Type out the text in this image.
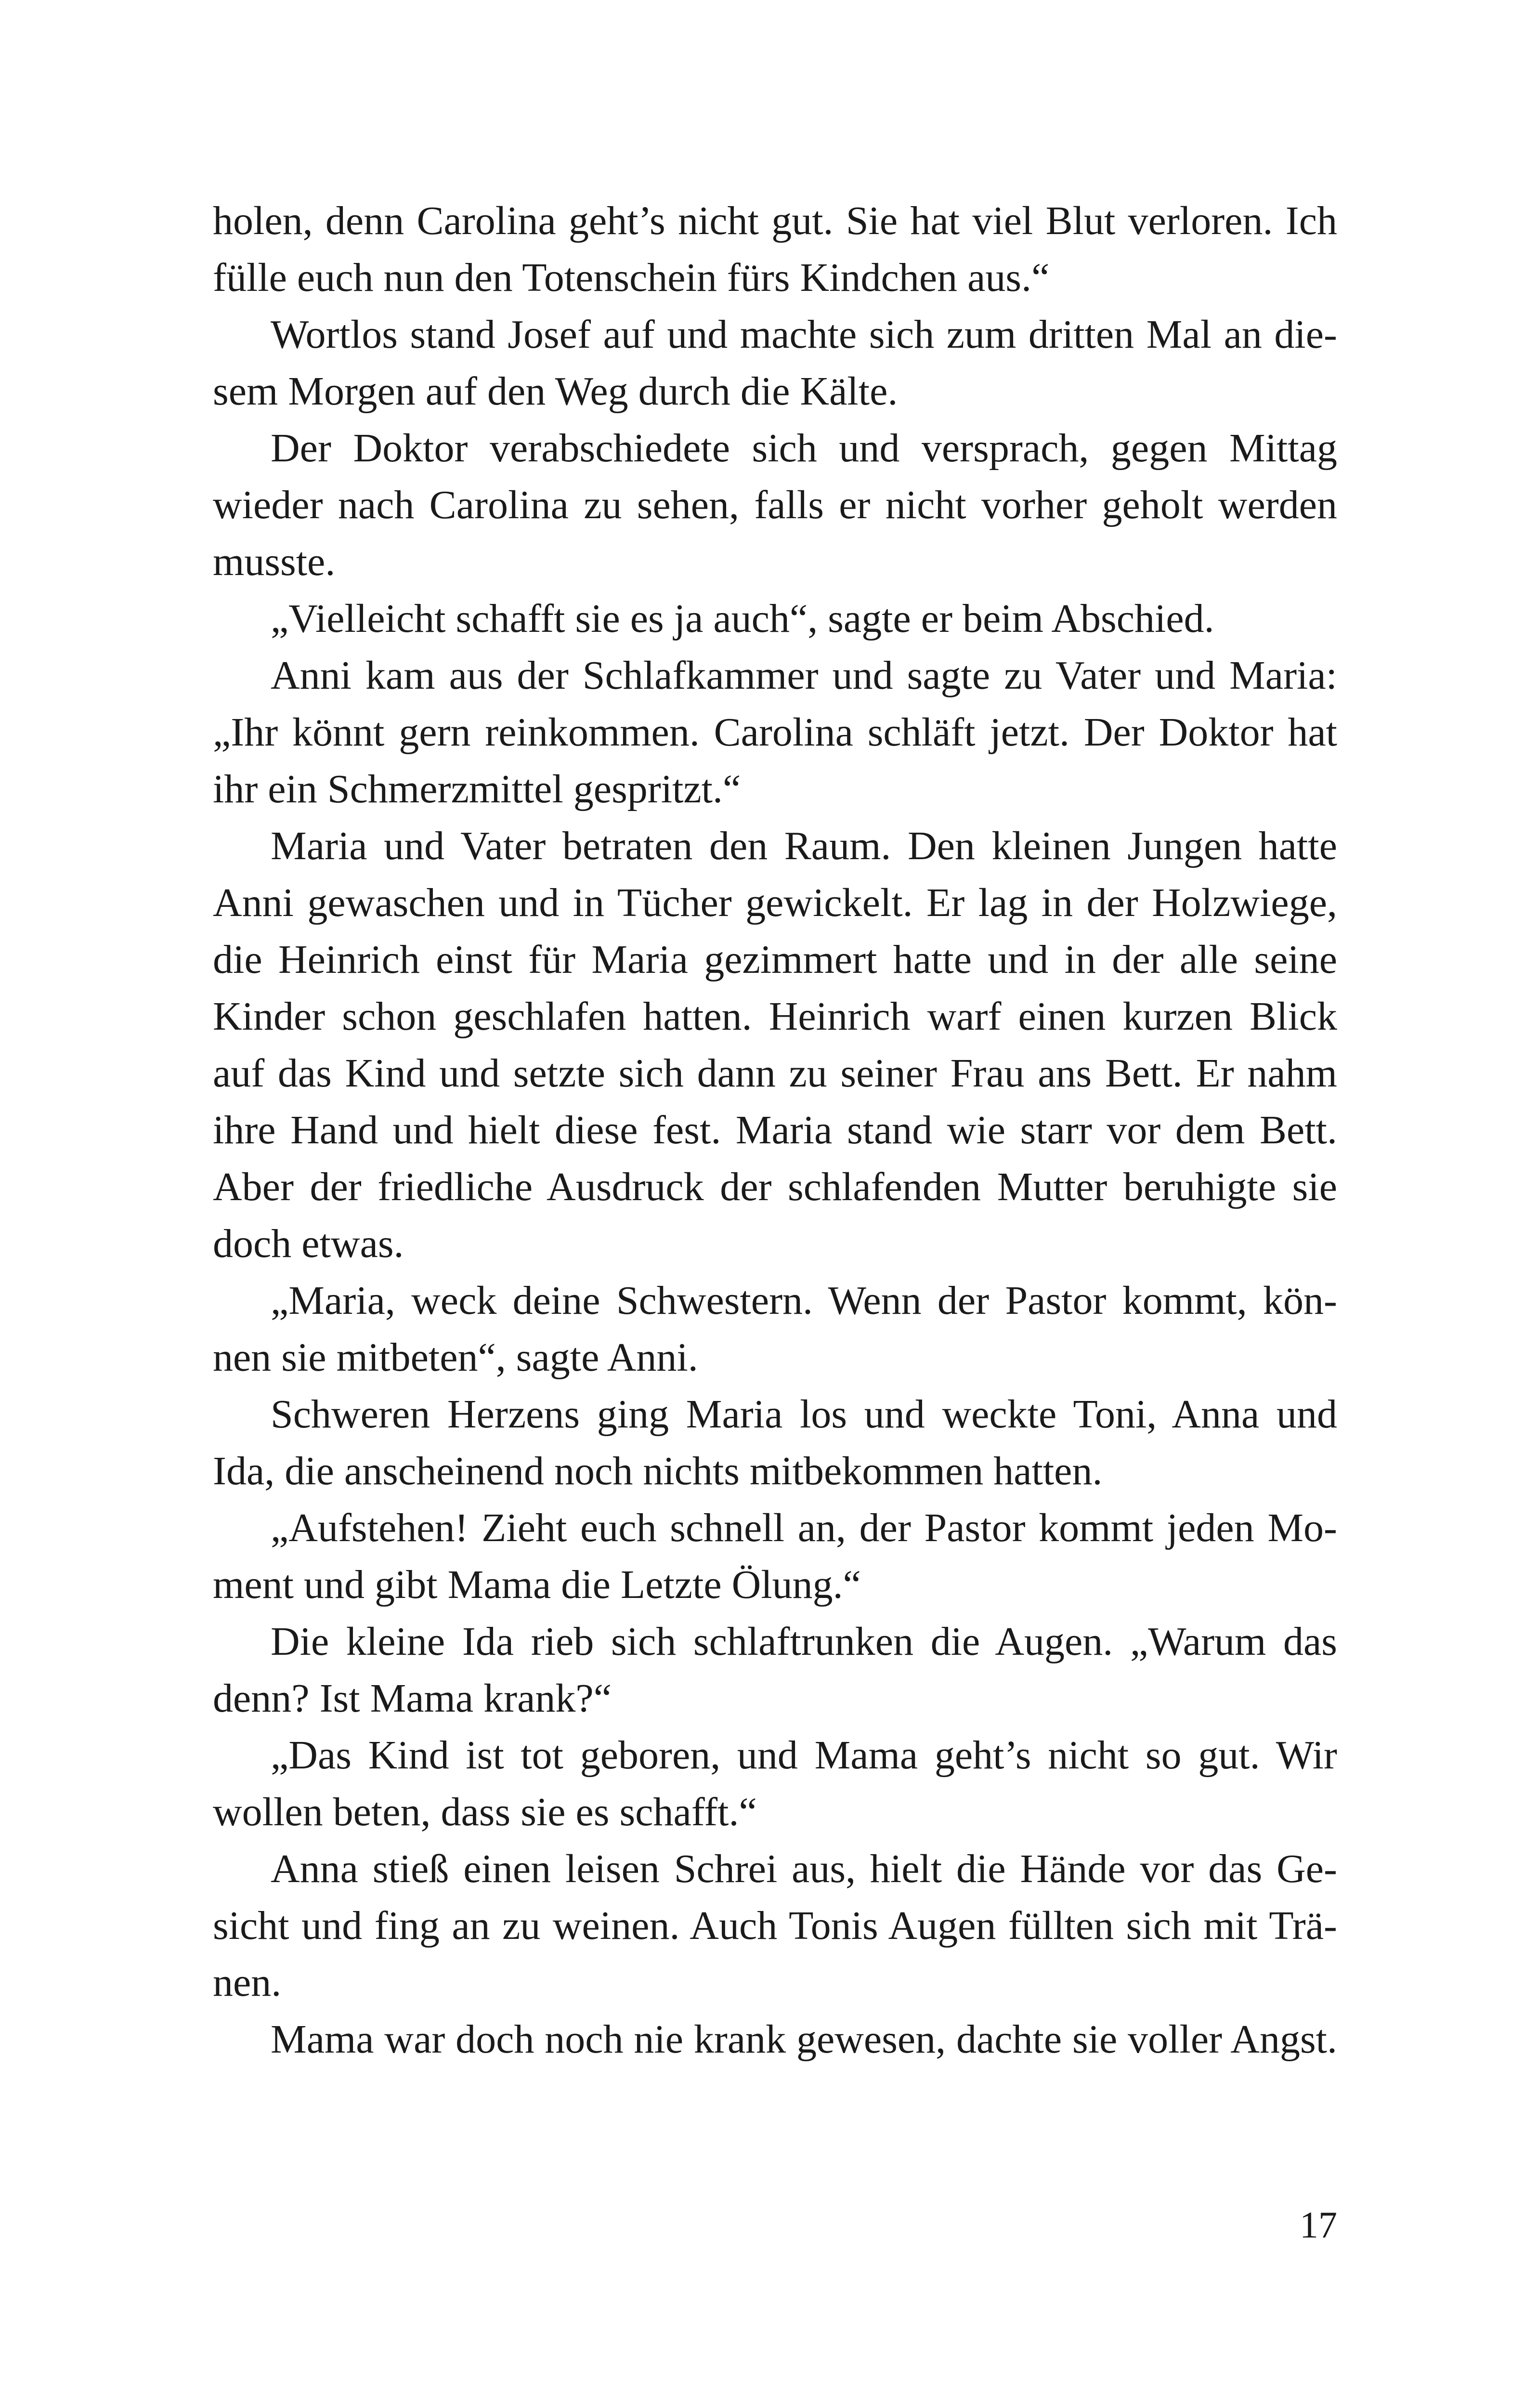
holen, denn Carolina geht’s nicht gut. Sie hat viel Blut verloren. Ich
fülle euch nun den Totenschein fürs Kindchen aus.“
Wortlos stand Josef auf und machte sich zum dritten Mal an die-
sem Morgen auf den Weg durch die Kälte.
Der Doktor verabschiedete sich und versprach, gegen Mittag
wieder nach Carolina zu sehen, falls er nicht vorher geholt werden
musste.
„Vielleicht schafft sie es ja auch“, sagte er beim Abschied.
Anni kam aus der Schlafkammer und sagte zu Vater und Maria:
„Ihr könnt gern reinkommen. Carolina schläft jetzt. Der Doktor hat
ihr ein Schmerzmittel gespritzt.“
Maria und Vater betraten den Raum. Den kleinen Jungen hatte
Anni gewaschen und in Tücher gewickelt. Er lag in der Holzwiege,
die Heinrich einst für Maria gezimmert hatte und in der alle seine
Kinder schon geschlafen hatten. Heinrich warf einen kurzen Blick
auf das Kind und setzte sich dann zu seiner Frau ans Bett. Er nahm
ihre Hand und hielt diese fest. Maria stand wie starr vor dem Bett.
Aber der friedliche Ausdruck der schlafenden Mutter beruhigte sie
doch etwas.
„Maria, weck deine Schwestern. Wenn der Pastor kommt, kön-
nen sie mitbeten“, sagte Anni.
Schweren Herzens ging Maria los und weckte Toni, Anna und
Ida, die anscheinend noch nichts mitbekommen hatten.
„Aufstehen! Zieht euch schnell an, der Pastor kommt jeden Mo-
ment und gibt Mama die Letzte Ölung.“
Die kleine Ida rieb sich schlaftrunken die Augen. „Warum das
denn? Ist Mama krank?“
„Das Kind ist tot geboren, und Mama geht’s nicht so gut. Wir
wollen beten, dass sie es schafft.“
Anna stieß einen leisen Schrei aus, hielt die Hände vor das Ge-
sicht und fing an zu weinen. Auch Tonis Augen füllten sich mit Trä-
nen.
Mama war doch noch nie krank gewesen, dachte sie voller Angst.
17
